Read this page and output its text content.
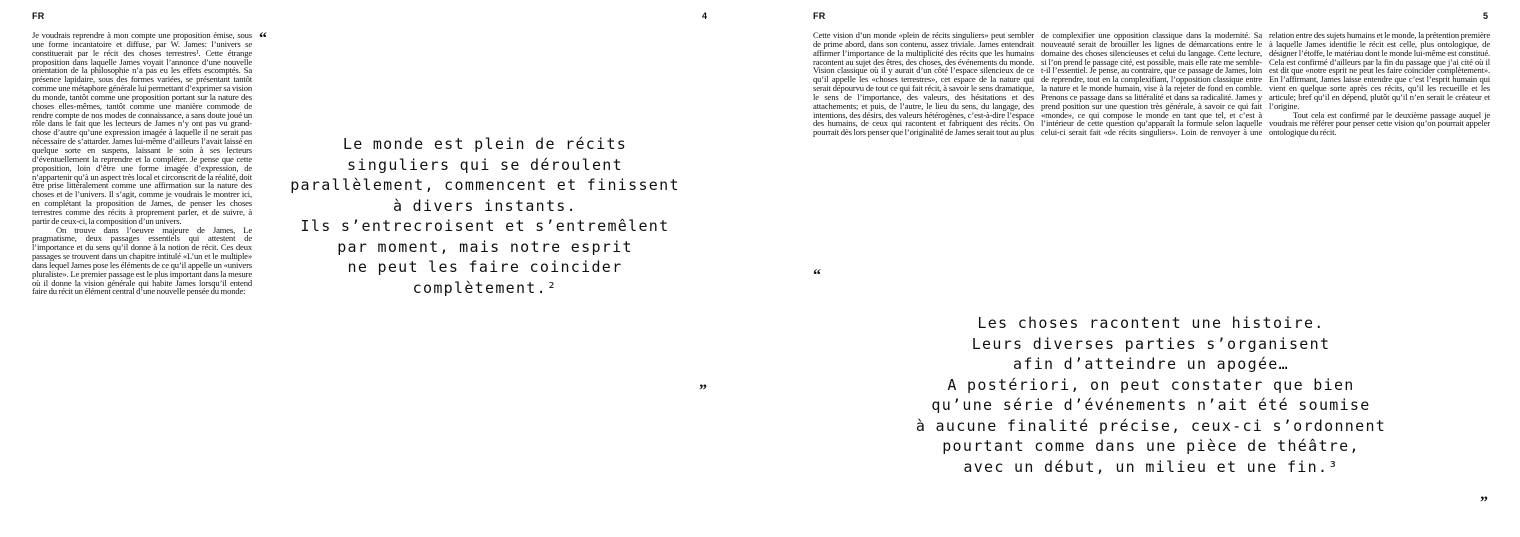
FR	4

Je voudrais reprendre à mon compte une proposition émise, sous une forme incantatoire et diffuse, par W. James: l’univers se constituerait par le récit des choses terrestres¹. Cette étrange proposition dans laquelle James voyait l’annonce d’une nouvelle orientation de la philosophie n’a pas eu les effets escomptés. Sa présence lapidaire, sous des formes variées, se présentant tantôt comme une métaphore générale lui permettant d’exprimer sa vision du monde, tantôt comme une proposition portant sur la nature des choses elles-mêmes, tantôt comme une manière commode de rendre compte de nos modes de connaissance, a sans doute joué un rôle dans le fait que les lecteurs de James n’y ont pas vu grand-chose d’autre qu’une expression imagée à laquelle il ne serait pas nécessaire de s’attarder. James lui-même d’ailleurs l’avait laissé en quelque sorte en suspens, laissant le soin à ses lecteurs d’éventuellement la reprendre et la compléter. Je pense que cette proposition, loin d’être une forme imagée d’expression, de n’appartenir qu’à un aspect très local et circonscrit de la réalité, doit être prise littéralement comme une affirmation sur la nature des choses et de l’univers. Il s’agit, comme je voudrais le montrer ici, en complétant la proposition de James, de penser les choses terrestres comme des récits à proprement parler, et de suivre, à partir de ceux-ci, la composition d’un univers.

On trouve dans l’oeuvre majeure de James, Le pragmatisme, deux passages essentiels qui attestent de l’importance et du sens qu’il donne à la notion de récit. Ces deux passages se trouvent dans un chapitre intitulé «L’un et le multiple» dans lequel James pose les éléments de ce qu’il appelle un «univers pluraliste». Le premier passage est le plus important dans la mesure où il donne la vision générale qui habite James lorsqu’il entend faire du récit un élément central d’une nouvelle pensée du monde:

“
Le monde est plein de récits
singuliers qui se déroulent
parallèlement, commencent et finissent
à divers instants.
Ils s’entrecroisent et s’entremêlent
par moment, mais notre esprit
ne peut les faire coincider
complètement.²
”
FR	5

Cette vision d’un monde «plein de récits singuliers» peut sembler de prime abord, dans son contenu, assez triviale. James entendrait affirmer l’importance de la multiplicité des récits que les humains racontent au sujet des êtres, des choses, des événements du monde. Vision classique où il y aurait d’un côté l’espace silencieux de ce qu’il appelle les «choses terrestres», cet espace de la nature qui serait dépourvu de tout ce qui fait récit, à savoir le sens dramatique, le sens de l’importance, des valeurs, des hésitations et des attachements; et puis, de l’autre, le lieu du sens, du langage, des intentions, des désirs, des valeurs hétérogènes, c’est-à-dire l’espace des humains, de ceux qui racontent et fabriquent des récits. On pourrait dès lors penser que l’originalité de James serait tout au plus de complexifier une opposition classique dans la modernité. Sa nouveauté serait de brouiller les lignes de démarcations entre le domaine des choses silencieuses et celui du langage. Cette lecture, si l’on prend le passage cité, est possible, mais elle rate me semble-t-il l’essentiel. Je pense, au contraire, que ce passage de James, loin de reprendre, tout en la complexifiant, l’opposition classique entre la nature et le monde humain, vise à la rejeter de fond en comble. Prenons ce passage dans sa littéralité et dans sa radicalité. James y prend position sur une question très générale, à savoir ce qui fait «monde», ce qui compose le monde en tant que tel, et c’est à l’intérieur de cette question qu’apparaît la formule selon laquelle celui-ci serait fait «de récits singuliers». Loin de renvoyer à une relation entre des sujets humains et le monde, la prétention première à laquelle James identifie le récit est celle, plus ontologique, de désigner l’étoffe, le matériau dont le monde lui-même est constitué. Cela est confirmé d’ailleurs par la fin du passage que j’ai cité où il est dit que «notre esprit ne peut les faire coincider complètement». En l’affirmant, James laisse entendre que c’est l’esprit humain qui vient en quelque sorte après ces récits, qu’il les recueille et les articule; bref qu’il en dépend, plutôt qu’il n’en serait le créateur et l’origine.

Tout cela est confirmé par le deuxième passage auquel je voudrais me référer pour penser cette vision qu’on pourrait appeler ontologique du récit.

“
Les choses racontent une histoire.
Leurs diverses parties s’organisent
afin d’atteindre un apogée…
A postériori, on peut constater que bien
qu’une série d’événements n’ait été soumise
à aucune finalité précise, ceux-ci s’ordonnent
pourtant comme dans une pièce de théâtre,
avec un début, un milieu et une fin.³
”
